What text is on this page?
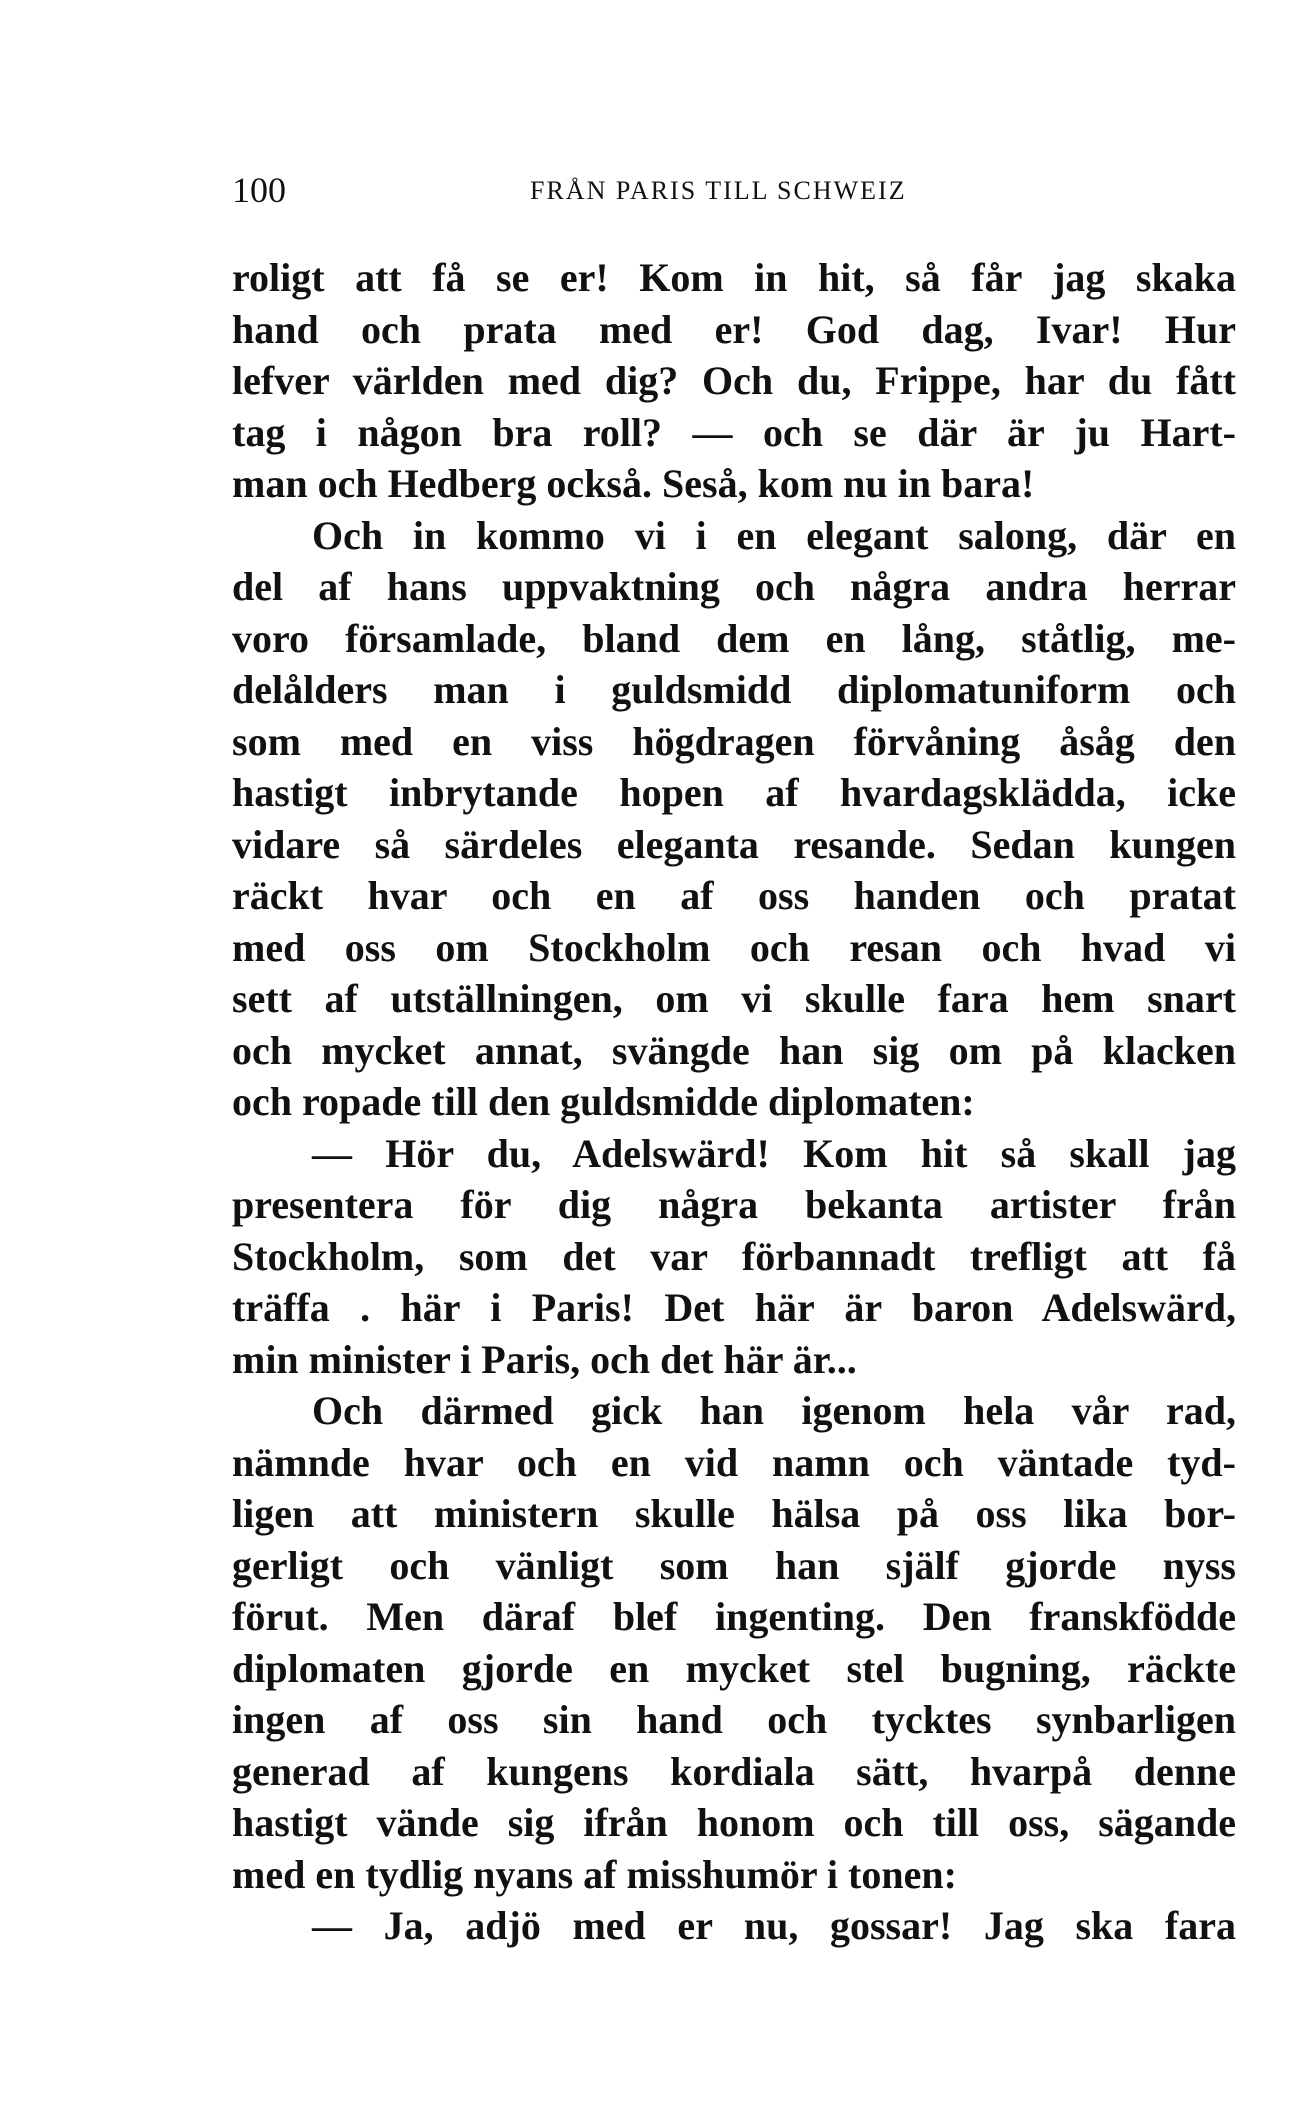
100	FRÅN PARIS TILL SCHWEIZ
roligt att få se er! Kom in hit, så får jag skaka
hand och prata med er! God dag, Ivar! Hur
lefver världen med dig? Och du, Frippe, har du fått
tag i någon bra roll? — och se där är ju Hart-
man och Hedberg också. Seså, kom nu in bara!
Och in kommo vi i en elegant salong, där en
del af hans uppvaktning och några andra herrar
voro församlade, bland dem en lång, ståtlig, me-
delålders man i guldsmidd diplomatuniform och
som med en viss högdragen förvåning åsåg den
hastigt inbrytande hopen af hvardagsklädda, icke
vidare så särdeles eleganta resande. Sedan kungen
räckt hvar och en af oss handen och pratat
med oss om Stockholm och resan och hvad vi
sett af utställningen, om vi skulle fara hem snart
och mycket annat, svängde han sig om på klacken
och ropade till den guldsmidde diplomaten:
— Hör du, Adelswärd! Kom hit så skall jag
presentera för dig några bekanta artister från
Stockholm, som det var förbannadt trefligt att få
träffa . här i Paris! Det här är baron Adelswärd,
min minister i Paris, och det här är...
Och därmed gick han igenom hela vår rad,
nämnde hvar och en vid namn och väntade tyd-
ligen att ministern skulle hälsa på oss lika bor-
gerligt och vänligt som han själf gjorde nyss
förut. Men däraf blef ingenting. Den franskfödde
diplomaten gjorde en mycket stel bugning, räckte
ingen af oss sin hand och tycktes synbarligen
generad af kungens kordiala sätt, hvarpå denne
hastigt vände sig ifrån honom och till oss, sägande
med en tydlig nyans af misshumör i tonen:
— Ja, adjö med er nu, gossar! Jag ska fara
